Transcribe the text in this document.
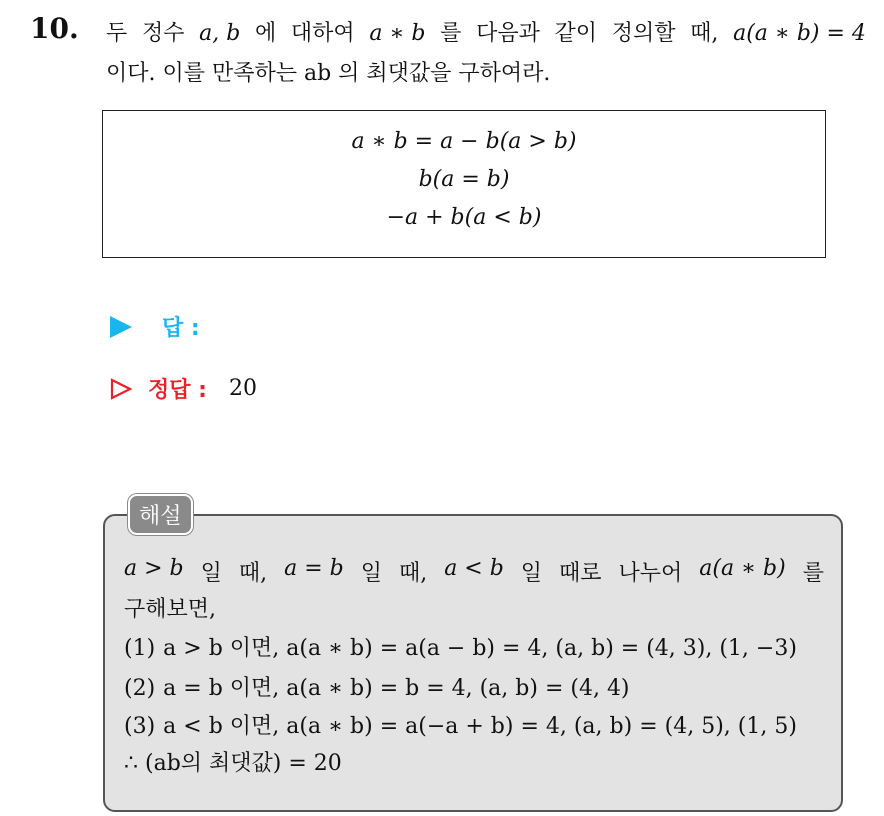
10. 두 정수 a, b 에 대하여 a ∗ b 를 다음과 같이 정의할 때, a(a ∗ b) = 4
이다. 이를 만족하는 ab 의 최댓값을 구하여라.
a ∗ b = a − b(a > b)
b(a = b)
−a + b(a < b)
답 :
정답 : 20
해설
a > b 일 때, a = b 일 때, a < b 일 때로 나누어 a(a ∗ b) 를
구해보면,
(1) a > b 이면, a(a ∗ b) = a(a − b) = 4, (a, b) = (4, 3), (1, −3)
(2) a = b 이면, a(a ∗ b) = b = 4, (a, b) = (4, 4)
(3) a < b 이면, a(a ∗ b) = a(−a + b) = 4, (a, b) = (4, 5), (1, 5)
∴ (ab의 최댓값) = 20
